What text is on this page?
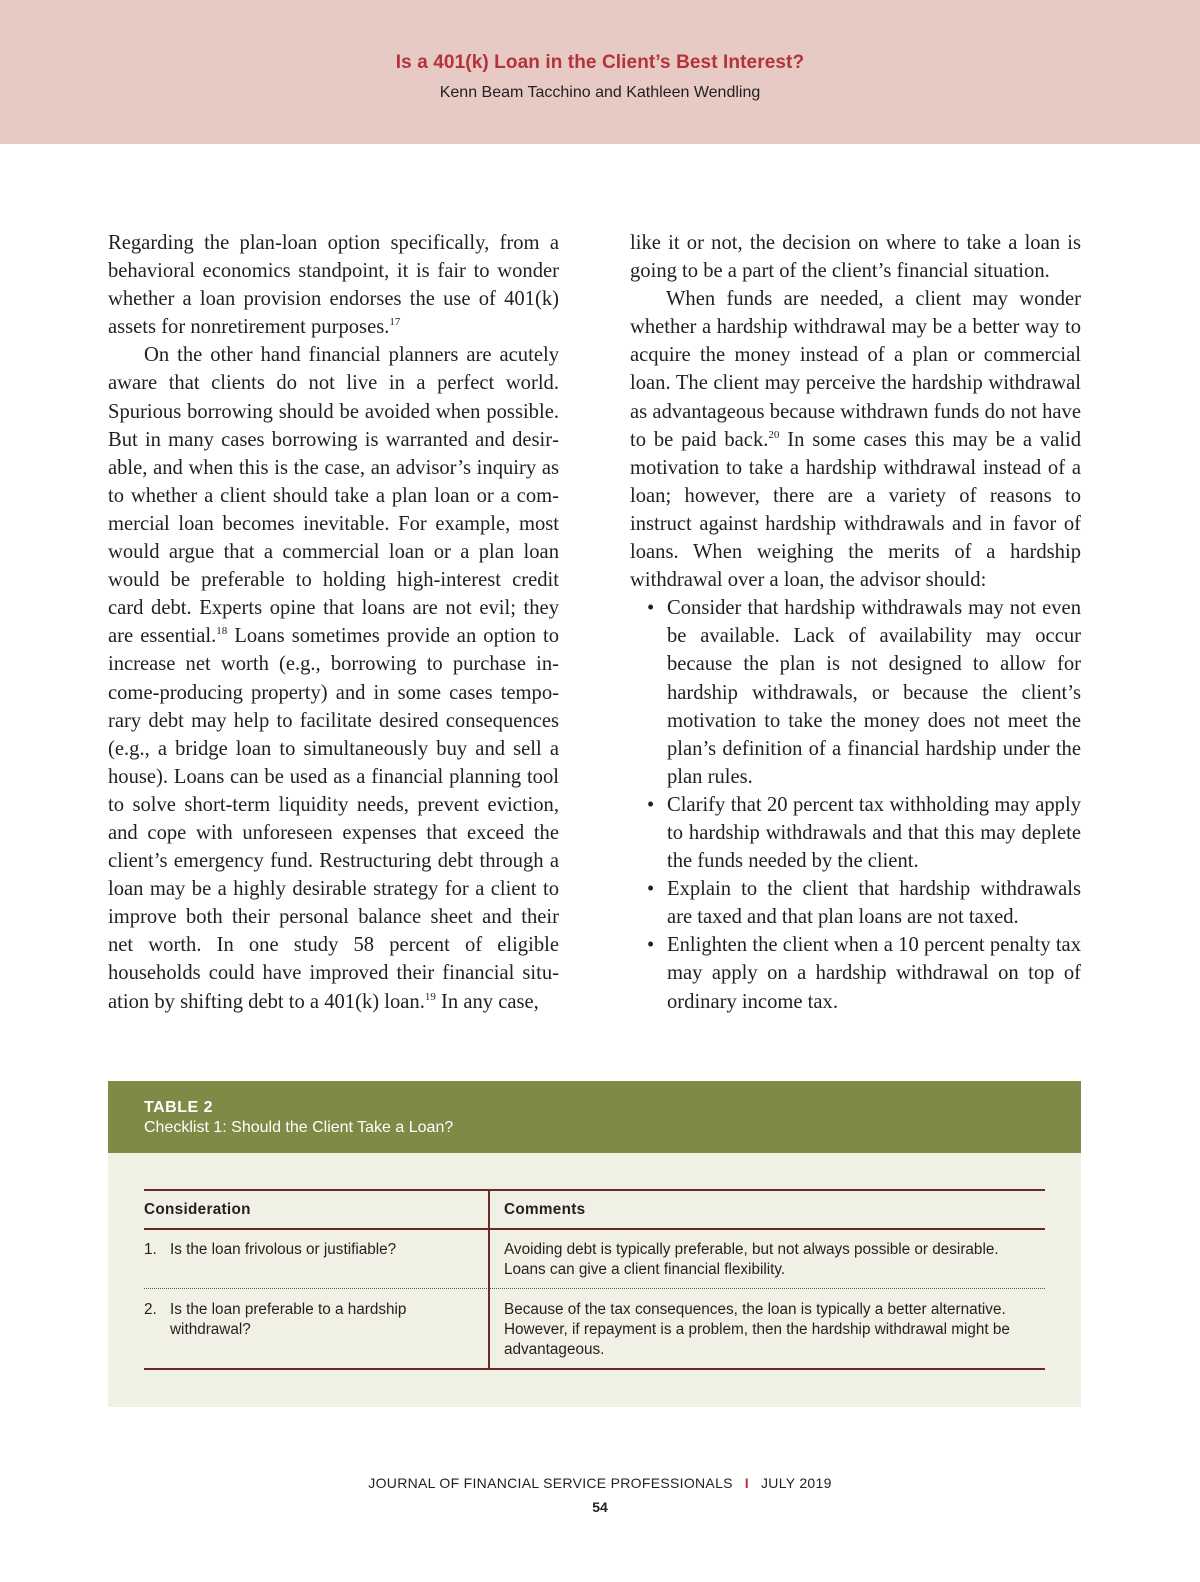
Is a 401(k) Loan in the Client’s Best Interest?
Kenn Beam Tacchino and Kathleen Wendling

Regarding the plan-loan option specifically, from a behavioral economics standpoint, it is fair to wonder whether a loan provision endorses the use of 401(k) assets for nonretirement purposes.$^{17}$

On the other hand financial planners are acutely aware that clients do not live in a perfect world. Spurious borrowing should be avoided when possible. But in many cases borrowing is warranted and desirable, and when this is the case, an advisor’s inquiry as to whether a client should take a plan loan or a commercial loan becomes inevitable. For example, most would argue that a commercial loan or a plan loan would be preferable to holding high-interest credit card debt. Experts opine that loans are not evil; they are essential.$^{18}$ Loans sometimes provide an option to increase net worth (e.g., borrowing to purchase income-producing property) and in some cases temporary debt may help to facilitate desired consequences (e.g., a bridge loan to simultaneously buy and sell a house). Loans can be used as a financial planning tool to solve short-term liquidity needs, prevent eviction, and cope with unforeseen expenses that exceed the client’s emergency fund. Restructuring debt through a loan may be a highly desirable strategy for a client to improve both their personal balance sheet and their net worth. In one study 58 percent of eligible households could have improved their financial situation by shifting debt to a 401(k) loan.$^{19}$ In any case,

like it or not, the decision on where to take a loan is going to be a part of the client’s financial situation.

When funds are needed, a client may wonder whether a hardship withdrawal may be a better way to acquire the money instead of a plan or commercial loan. The client may perceive the hardship withdrawal as advantageous because withdrawn funds do not have to be paid back.$^{20}$ In some cases this may be a valid motivation to take a hardship withdrawal instead of a loan; however, there are a variety of reasons to instruct against hardship withdrawals and in favor of loans. When weighing the merits of a hardship withdrawal over a loan, the advisor should:

• Consider that hardship withdrawals may not even be available. Lack of availability may occur because the plan is not designed to allow for hardship withdrawals, or because the client’s motivation to take the money does not meet the plan’s definition of a financial hardship under the plan rules.
• Clarify that 20 percent tax withholding may apply to hardship withdrawals and that this may deplete the funds needed by the client.
• Explain to the client that hardship withdrawals are taxed and that plan loans are not taxed.
• Enlighten the client when a 10 percent penalty tax may apply on a hardship withdrawal on top of ordinary income tax.
TABLE 2
Checklist 1: Should the Client Take a Loan?
Consideration	Comments
1. Is the loan frivolous or justifiable?	Avoiding debt is typically preferable, but not always possible or desirable. Loans can give a client financial flexibility.
2. Is the loan preferable to a hardship withdrawal?
Because of the tax consequences, the loan is typically a better alternative. However, if repayment is a problem, then the hardship withdrawal might be advantageous.
JOURNAL OF FINANCIAL SERVICE PROFESSIONALS I JULY 2019
54
